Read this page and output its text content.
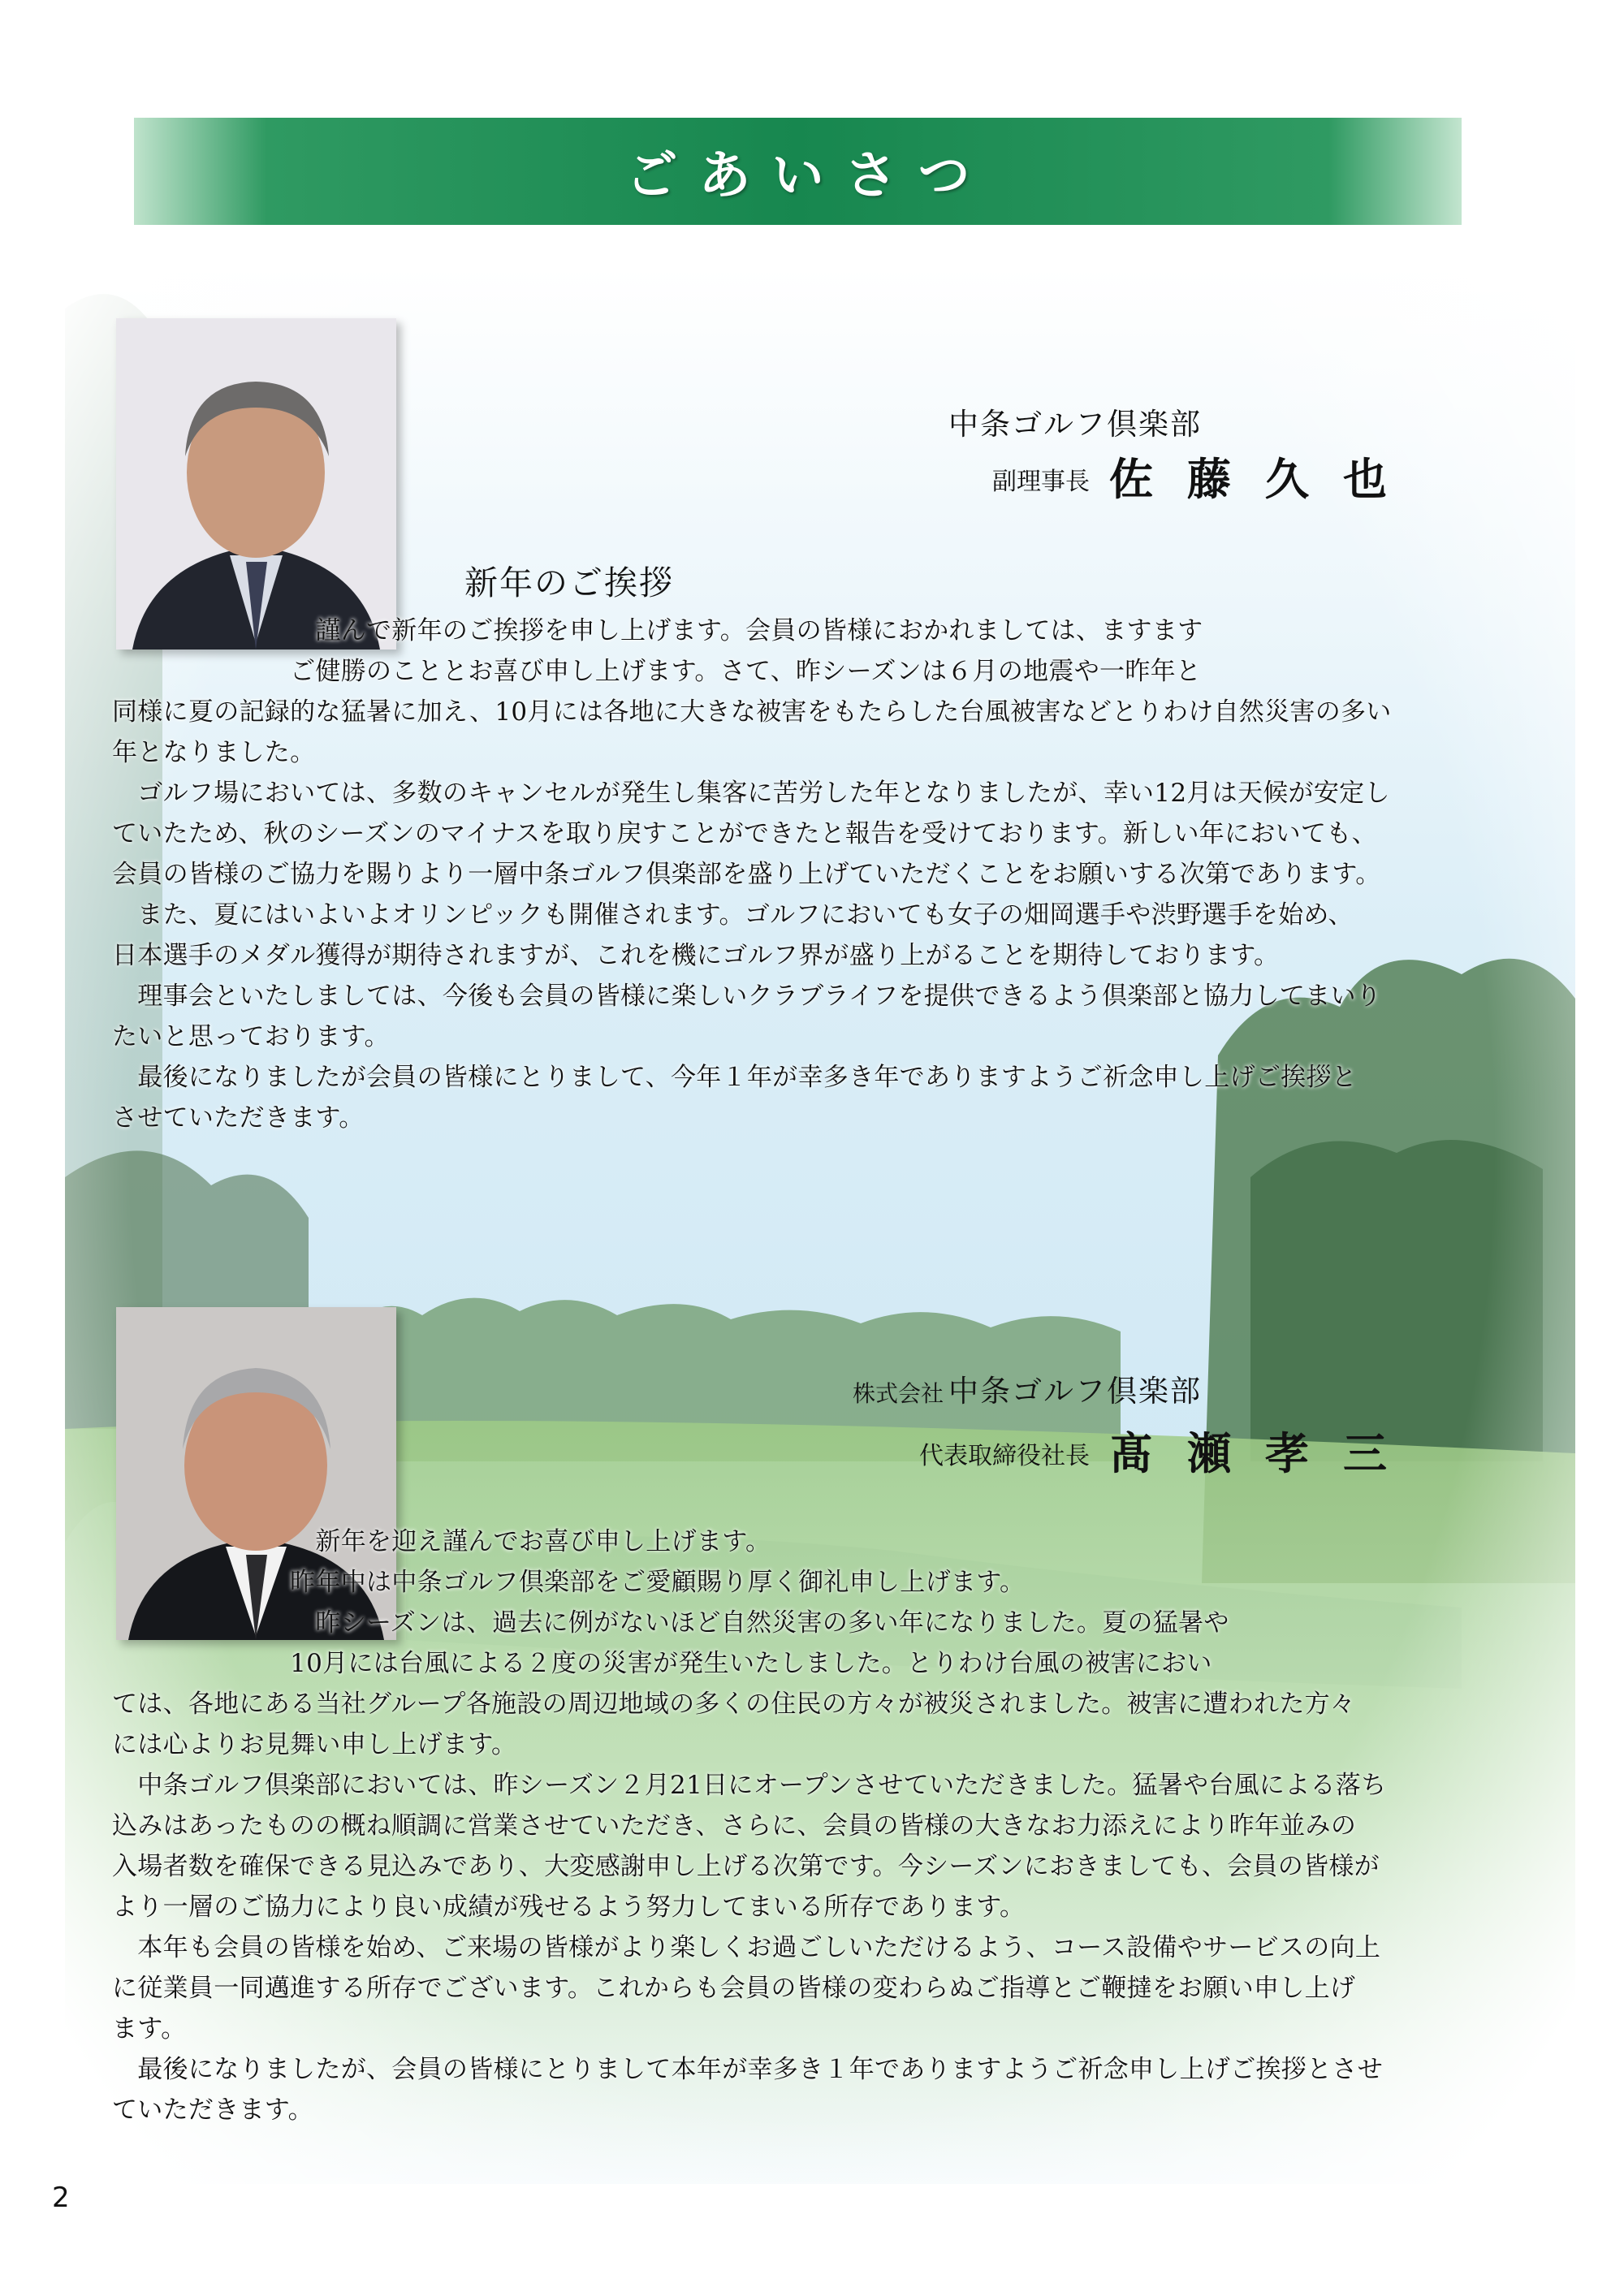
ごあいさつ
中条ゴルフ倶楽部
副理事長 佐藤久也
新年のご挨拶

　　　　　　　　謹んで新年のご挨拶を申し上げます。会員の皆様におかれましては、ますます

　　　　　　　ご健勝のこととお喜び申し上げます。さて、昨シーズンは６月の地震や一昨年と

同様に夏の記録的な猛暑に加え、10月には各地に大きな被害をもたらした台風被害などとりわけ自然災害の多い

年となりました。

　ゴルフ場においては、多数のキャンセルが発生し集客に苦労した年となりましたが、幸い12月は天候が安定し

ていたため、秋のシーズンのマイナスを取り戻すことができたと報告を受けております。新しい年においても、

会員の皆様のご協力を賜りより一層中条ゴルフ倶楽部を盛り上げていただくことをお願いする次第であります。

　また、夏にはいよいよオリンピックも開催されます。ゴルフにおいても女子の畑岡選手や渋野選手を始め、

日本選手のメダル獲得が期待されますが、これを機にゴルフ界が盛り上がることを期待しております。

　理事会といたしましては、今後も会員の皆様に楽しいクラブライフを提供できるよう倶楽部と協力してまいり

たいと思っております。

　最後になりましたが会員の皆様にとりまして、今年１年が幸多き年でありますようご祈念申し上げご挨拶と

させていただきます。

株式会社 中条ゴルフ倶楽部
代表取締役社長 髙瀬孝三

　　　　　　　　新年を迎え謹んでお喜び申し上げます。

　　　　　　　昨年中は中条ゴルフ倶楽部をご愛顧賜り厚く御礼申し上げます。

　　　　　　　　昨シーズンは、過去に例がないほど自然災害の多い年になりました。夏の猛暑や

　　　　　　　10月には台風による２度の災害が発生いたしました。とりわけ台風の被害におい

ては、各地にある当社グループ各施設の周辺地域の多くの住民の方々が被災されました。被害に遭われた方々

には心よりお見舞い申し上げます。

　中条ゴルフ倶楽部においては、昨シーズン２月21日にオープンさせていただきました。猛暑や台風による落ち

込みはあったものの概ね順調に営業させていただき、さらに、会員の皆様の大きなお力添えにより昨年並みの

入場者数を確保できる見込みであり、大変感謝申し上げる次第です。今シーズンにおきましても、会員の皆様が

より一層のご協力により良い成績が残せるよう努力してまいる所存であります。

　本年も会員の皆様を始め、ご来場の皆様がより楽しくお過ごしいただけるよう、コース設備やサービスの向上

に従業員一同邁進する所存でございます。これからも会員の皆様の変わらぬご指導とご鞭撻をお願い申し上げ

ます。

　最後になりましたが、会員の皆様にとりまして本年が幸多き１年でありますようご祈念申し上げご挨拶とさせ

ていただきます。

2
